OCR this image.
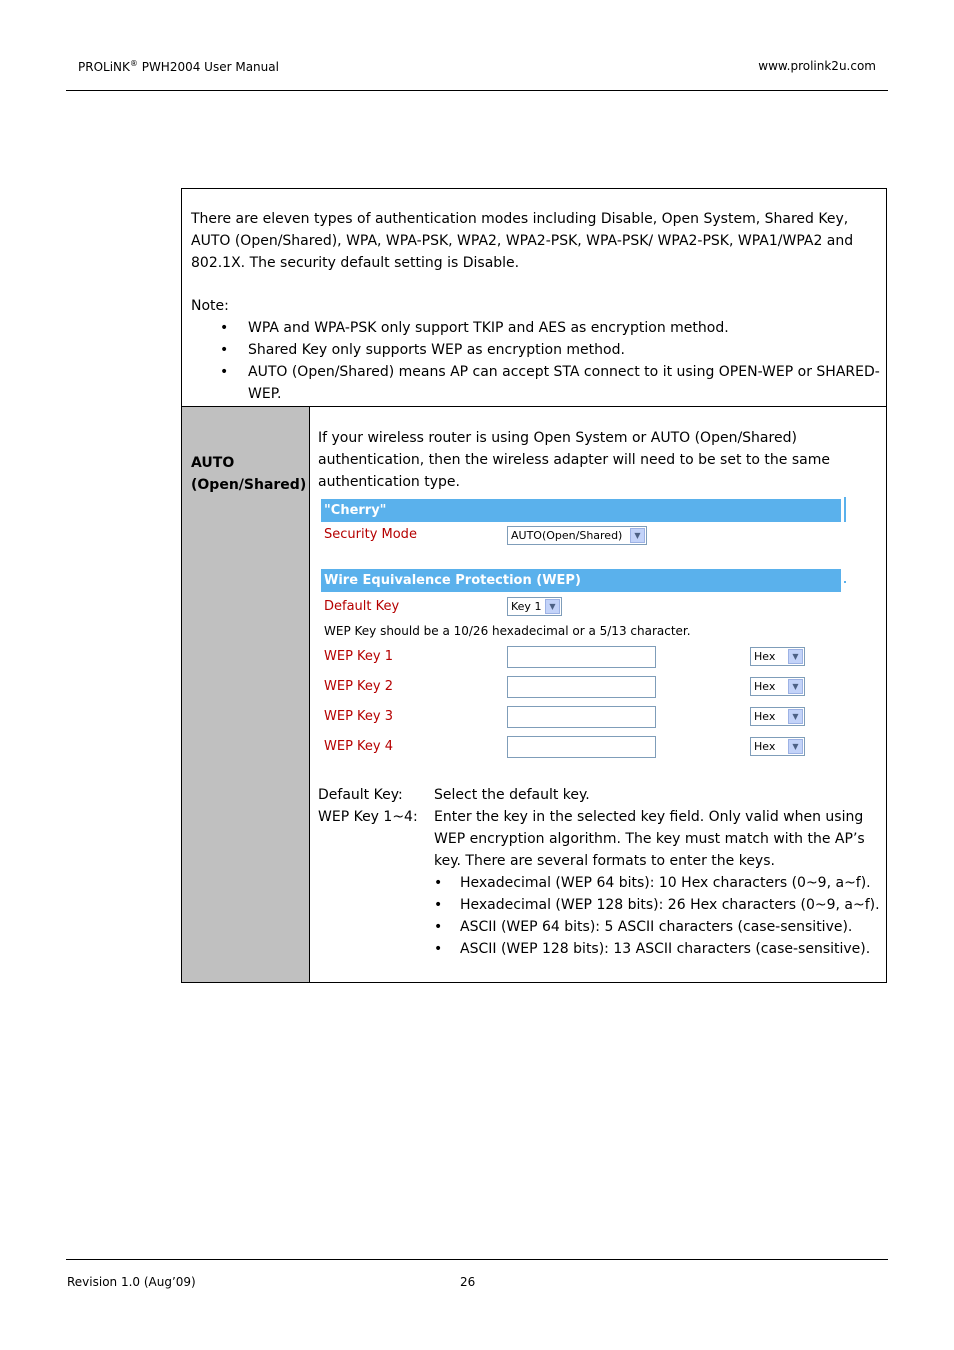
PROLiNK® PWH2004 User Manual	www.prolink2u.com
There are eleven types of authentication modes including Disable, Open System, Shared Key, AUTO (Open/Shared), WPA, WPA-PSK, WPA2, WPA2-PSK, WPA-PSK/ WPA2-PSK, WPA1/WPA2 and 802.1X. The security default setting is Disable.
Note:
• WPA and WPA-PSK only support TKIP and AES as encryption method.
• Shared Key only supports WEP as encryption method.
• AUTO (Open/Shared) means AP can accept STA connect to it using OPEN-WEP or SHARED-WEP.
AUTO
(Open/Shared)
If your wireless router is using Open System or AUTO (Open/Shared) authentication, then the wireless adapter will need to be set to the same authentication type.
"Cherry"
Security Mode	AUTO(Open/Shared)	▼
Wire Equivalence Protection (WEP)
Default Key	Key 1 ▼
WEP Key should be a 10/26 hexadecimal or a 5/13 character.
WEP Key 1	Hex	▼
WEP Key 2	Hex	▼
WEP Key 3	Hex	▼
WEP Key 4	Hex	▼
Default Key: Select the default key.
WEP Key 1~4: Enter the key in the selected key field. Only valid when using WEP encryption algorithm. The key must match with the AP’s key. There are several formats to enter the keys.
• Hexadecimal (WEP 64 bits): 10 Hex characters (0~9, a~f).
• Hexadecimal (WEP 128 bits): 26 Hex characters (0~9, a~f).
• ASCII (WEP 64 bits): 5 ASCII characters (case-sensitive).
• ASCII (WEP 128 bits): 13 ASCII characters (case-sensitive).
Revision 1.0 (Aug’09)	26
